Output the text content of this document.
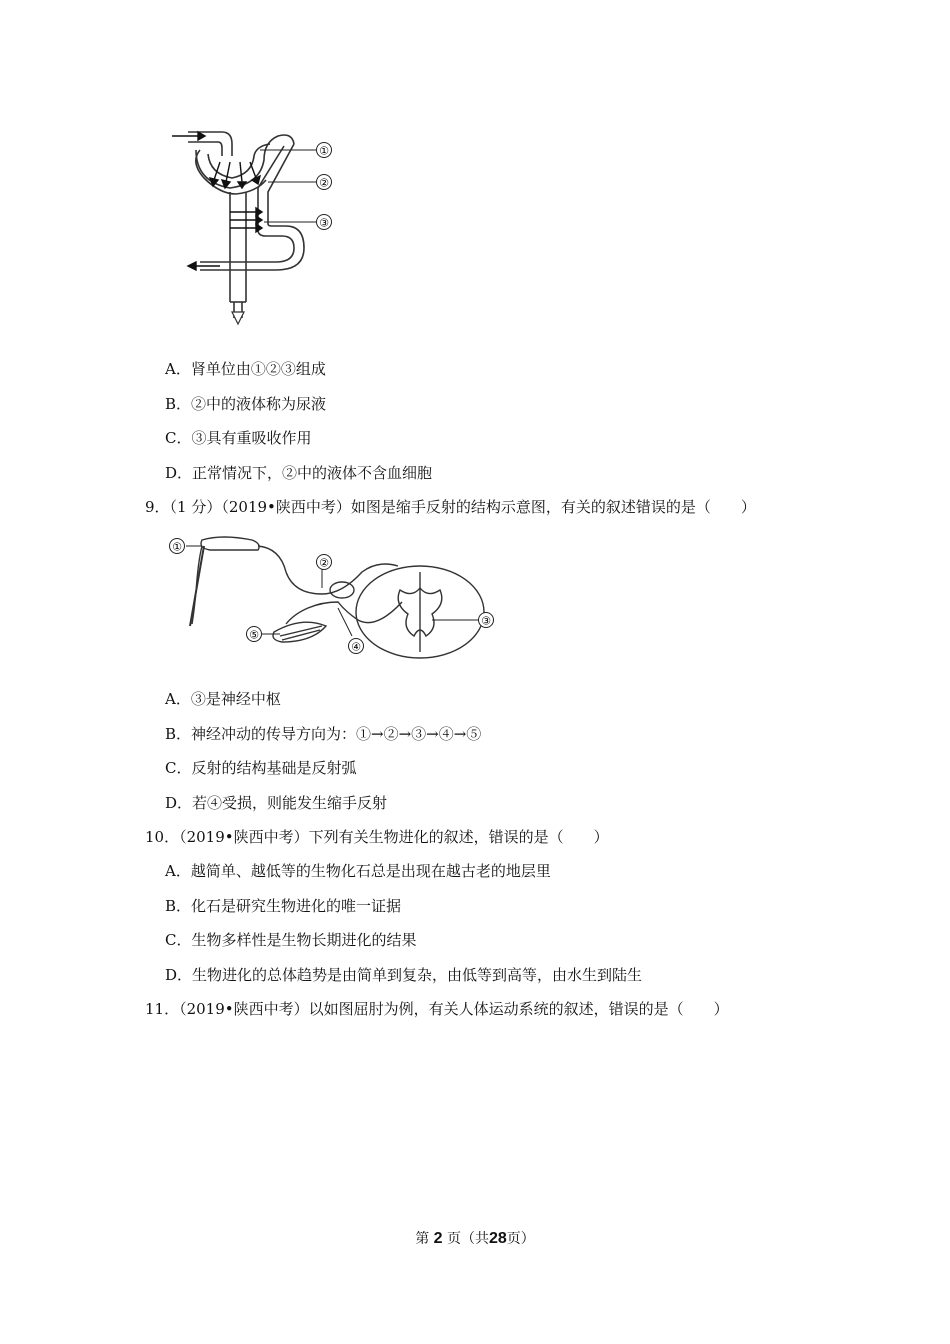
①
②
③
A．肾单位由①②③组成
B．②中的液体称为尿液
C．③具有重吸收作用
D．正常情况下，②中的液体不含血细胞
9．（1 分）（2019•陕西中考）如图是缩手反射的结构示意图，有关的叙述错误的是（　　）
①
②
③
④
⑤
A．③是神经中枢
B．神经冲动的传导方向为：①→②→③→④→⑤
C．反射的结构基础是反射弧
D．若④受损，则能发生缩手反射
10．（2019•陕西中考）下列有关生物进化的叙述，错误的是（　　）
A．越简单、越低等的生物化石总是出现在越古老的地层里
B．化石是研究生物进化的唯一证据
C．生物多样性是生物长期进化的结果
D．生物进化的总体趋势是由简单到复杂，由低等到高等，由水生到陆生
11．（2019•陕西中考）以如图屈肘为例，有关人体运动系统的叙述，错误的是（　　）
第 2 页（共28页）
